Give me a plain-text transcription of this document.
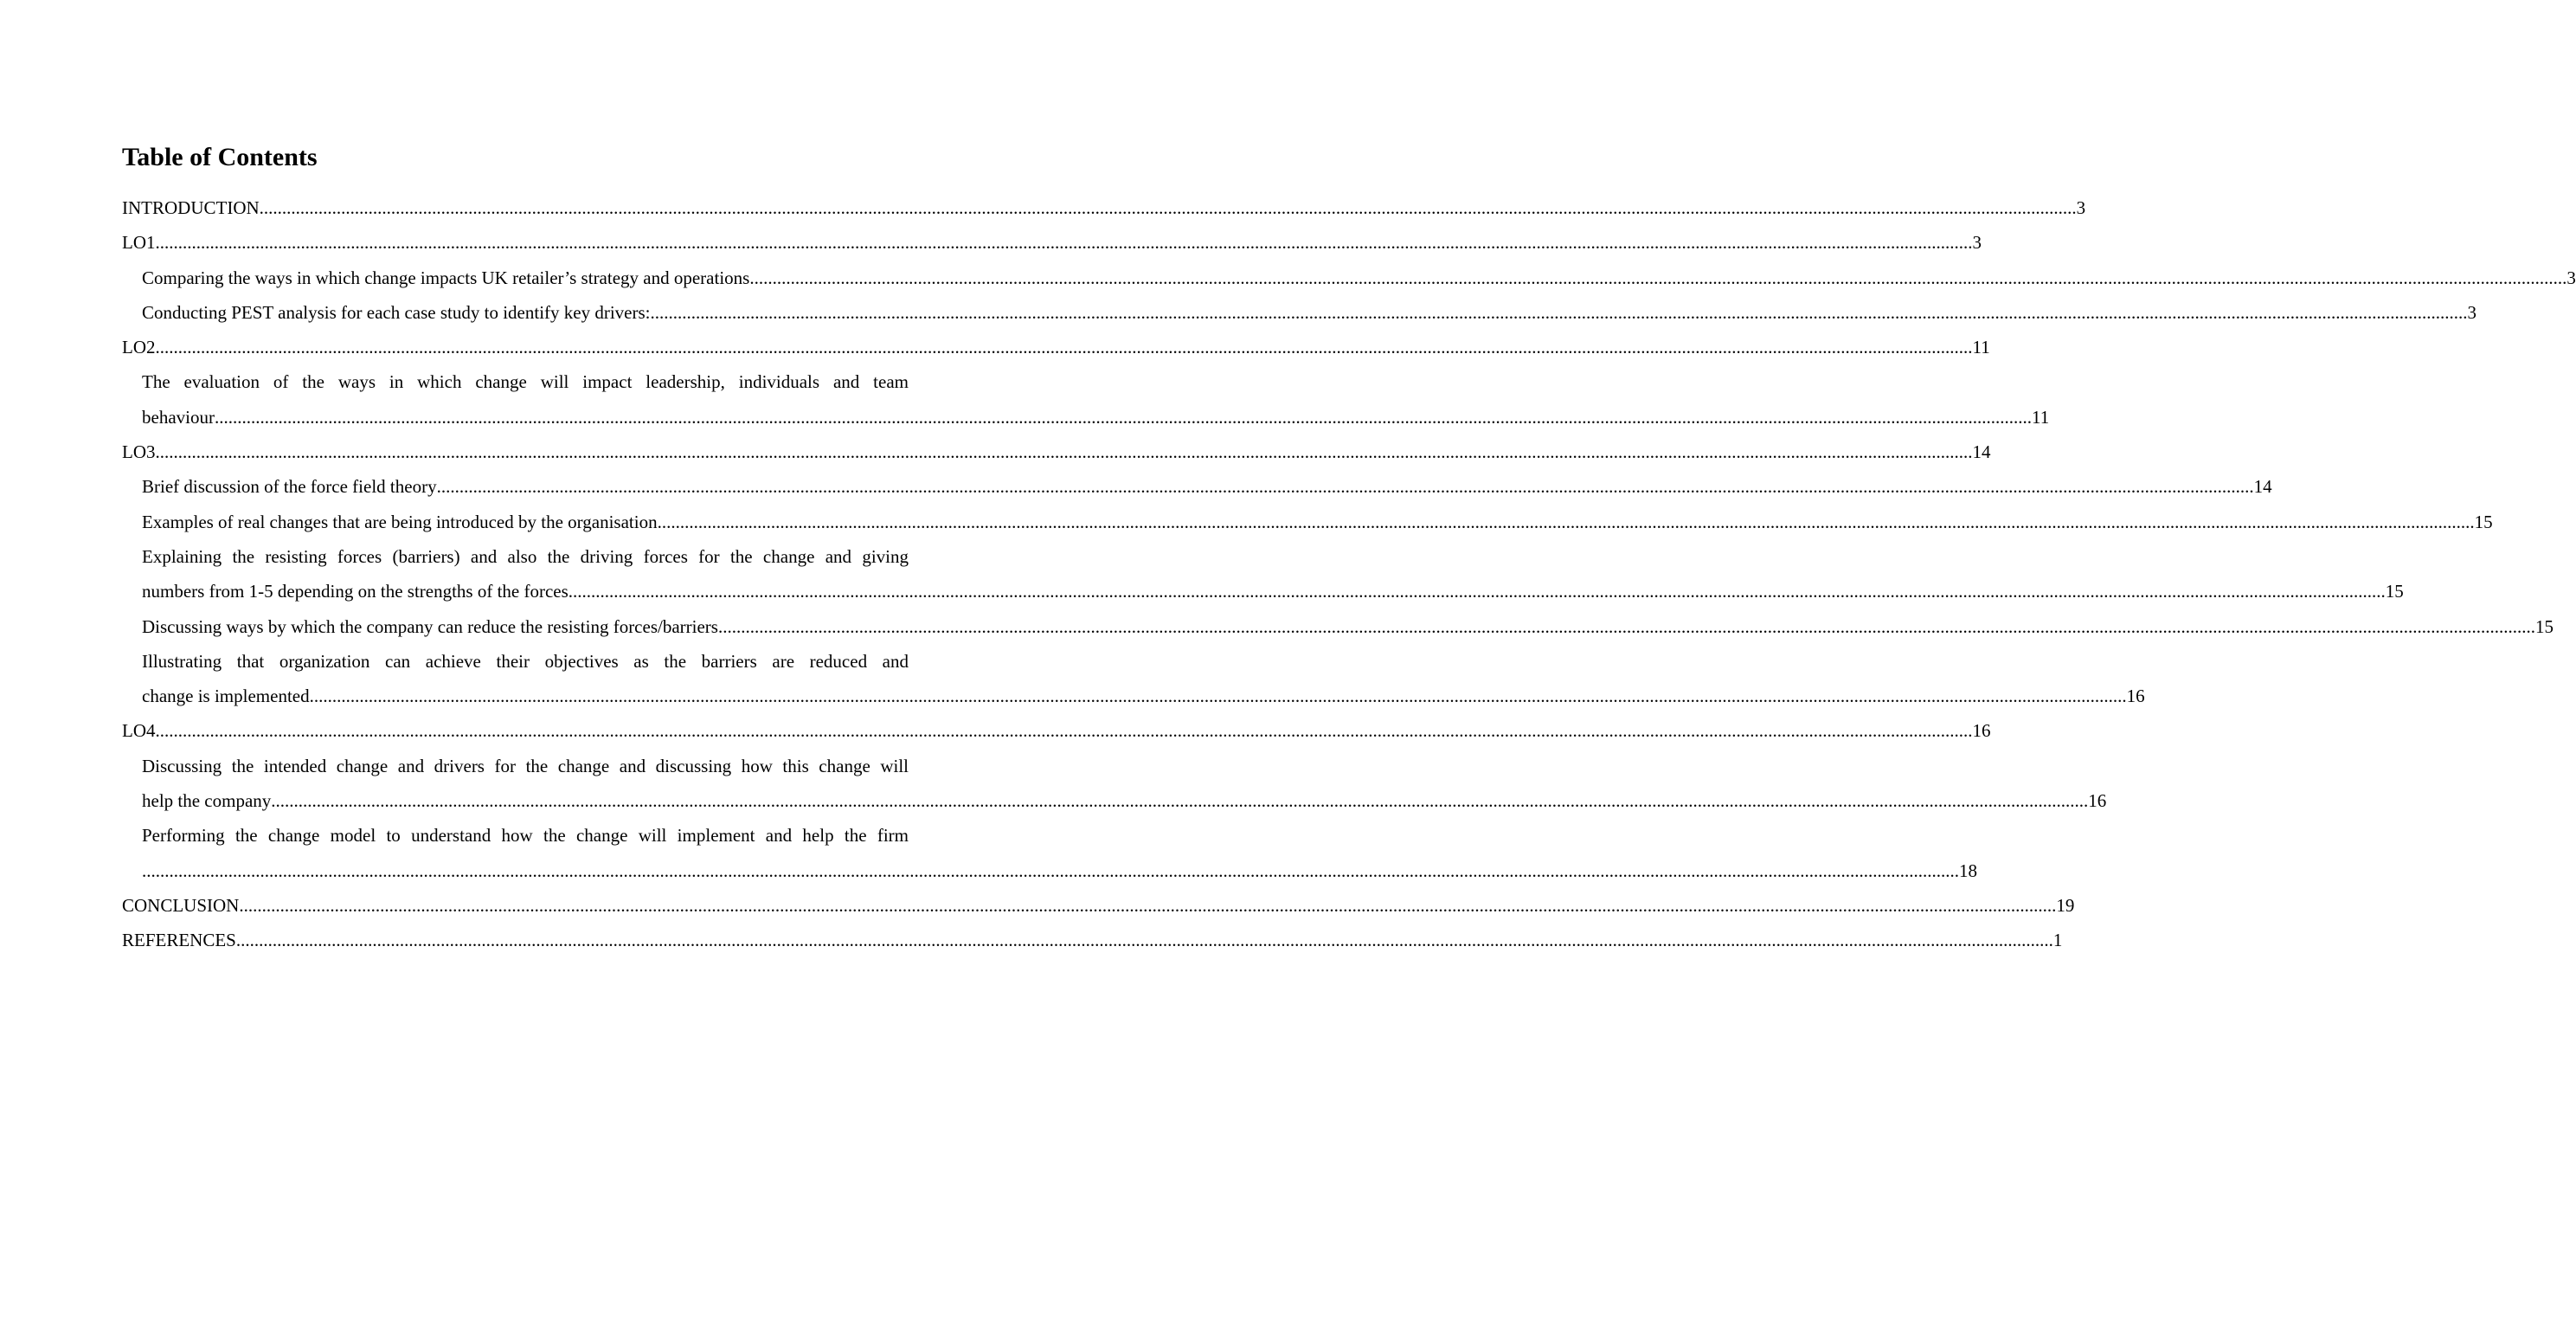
Table of Contents
INTRODUCTION ................................................................................................................................................................................................................................................................................................................................................................................................................ 3
LO1 ................................................................................................................................................................................................................................................................................................................................................................................................................ 3
Comparing the ways in which change impacts UK retailer’s strategy and operations ................................................................................................................................................................................................................................................................................................................................................................................................................ 3
Conducting PEST analysis for each case study to identify key drivers: ................................................................................................................................................................................................................................................................................................................................................................................................................ 3
LO2 ................................................................................................................................................................................................................................................................................................................................................................................................................ 11
The evaluation of the ways in which change will impact leadership, individuals and team
behaviour ................................................................................................................................................................................................................................................................................................................................................................................................................ 11
LO3 ................................................................................................................................................................................................................................................................................................................................................................................................................ 14
Brief discussion of the force field theory ................................................................................................................................................................................................................................................................................................................................................................................................................ 14
Examples of real changes that are being introduced by the organisation ................................................................................................................................................................................................................................................................................................................................................................................................................ 15
Explaining the resisting forces (barriers) and also the driving forces for the change and giving
numbers from 1-5 depending on the strengths of the forces ................................................................................................................................................................................................................................................................................................................................................................................................................ 15
Discussing ways by which the company can reduce the resisting forces/barriers ................................................................................................................................................................................................................................................................................................................................................................................................................ 15
Illustrating that organization can achieve their objectives as the barriers are reduced and
change is implemented ................................................................................................................................................................................................................................................................................................................................................................................................................ 16
LO4 ................................................................................................................................................................................................................................................................................................................................................................................................................ 16
Discussing the intended change and drivers for the change and discussing how this change will
help the company ................................................................................................................................................................................................................................................................................................................................................................................................................ 16
Performing the change model to understand how the change will implement and help the firm
................................................................................................................................................................................................................................................................................................................................................................................................................ 18
CONCLUSION ................................................................................................................................................................................................................................................................................................................................................................................................................ 19
REFERENCES ................................................................................................................................................................................................................................................................................................................................................................................................................ 1
